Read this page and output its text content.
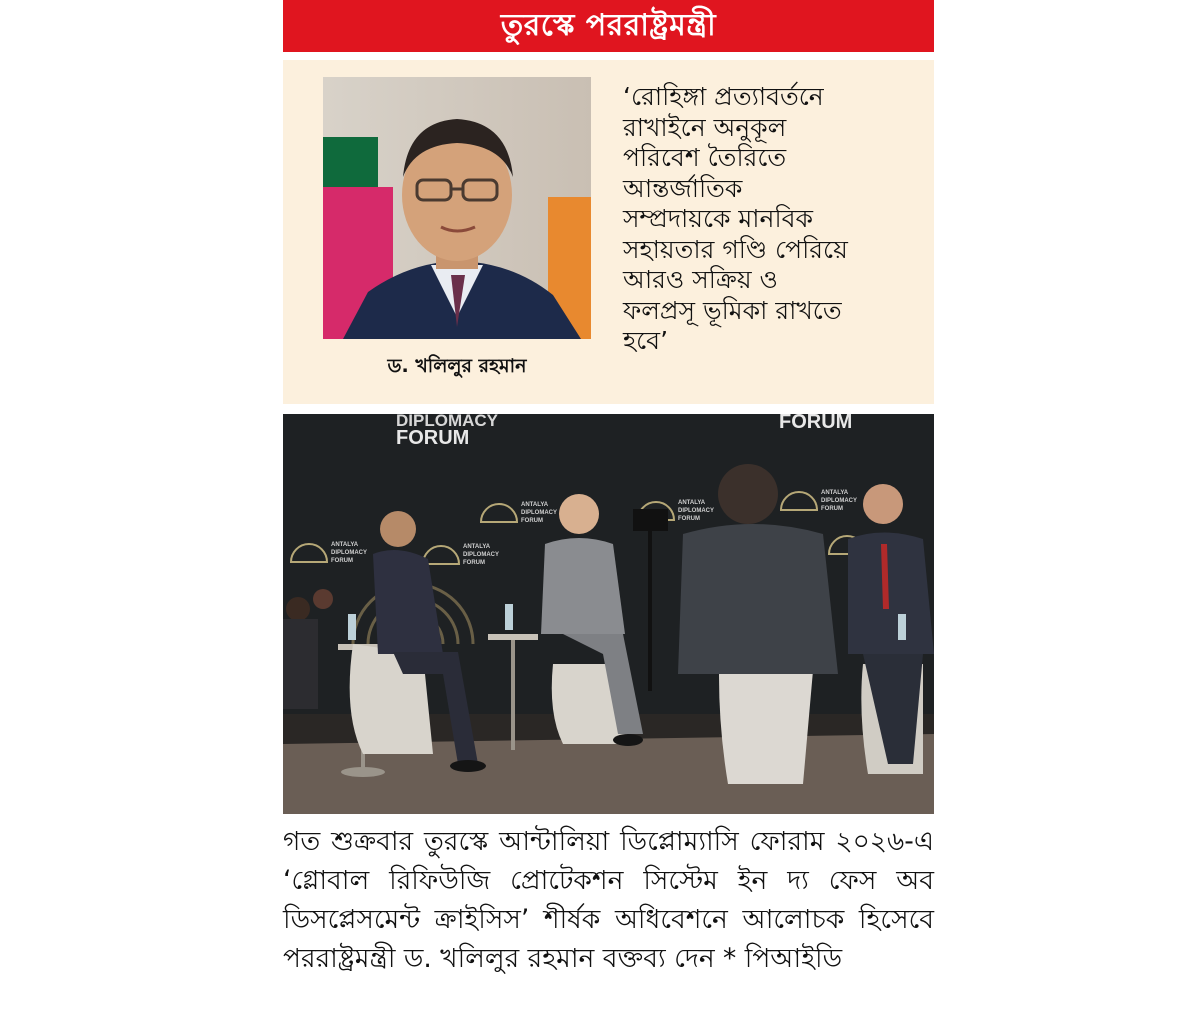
তুরস্কে পররাষ্ট্রমন্ত্রী
ড. খলিলুর রহমান
‘রোহিঙ্গা প্রত্যাবর্তনে
রাখাইনে অনুকূল
পরিবেশ তৈরিতে
আন্তর্জাতিক
সম্প্রদায়কে মানবিক
সহায়তার গণ্ডি পেরিয়ে
আরও সক্রিয় ও
ফলপ্রসূ ভূমিকা রাখতে
হবে’
DIPLOMACY
FORUM
FORUM
ANTALYA
DIPLOMACY
FORUM
ANTALYA
DIPLOMACY
FORUM
ANTALYA
DIPLOMACY
FORUM
ANTALYA
DIPLOMACY
FORUM
ANTALYA
DIPLOMACY
FORUM
গত শুক্রবার তুরস্কে আন্টালিয়া ডিপ্লোম্যাসি ফোরাম ২০২৬-এ ‘গ্লোবাল রিফিউজি প্রোটেকশন সিস্টেম ইন দ্য ফেস অব ডিসপ্লেসমেন্ট ক্রাইসিস’ শীর্ষক অধিবেশনে আলোচক হিসেবে পররাষ্ট্রমন্ত্রী ড. খলিলুর রহমান বক্তব্য দেন * পিআইডি
